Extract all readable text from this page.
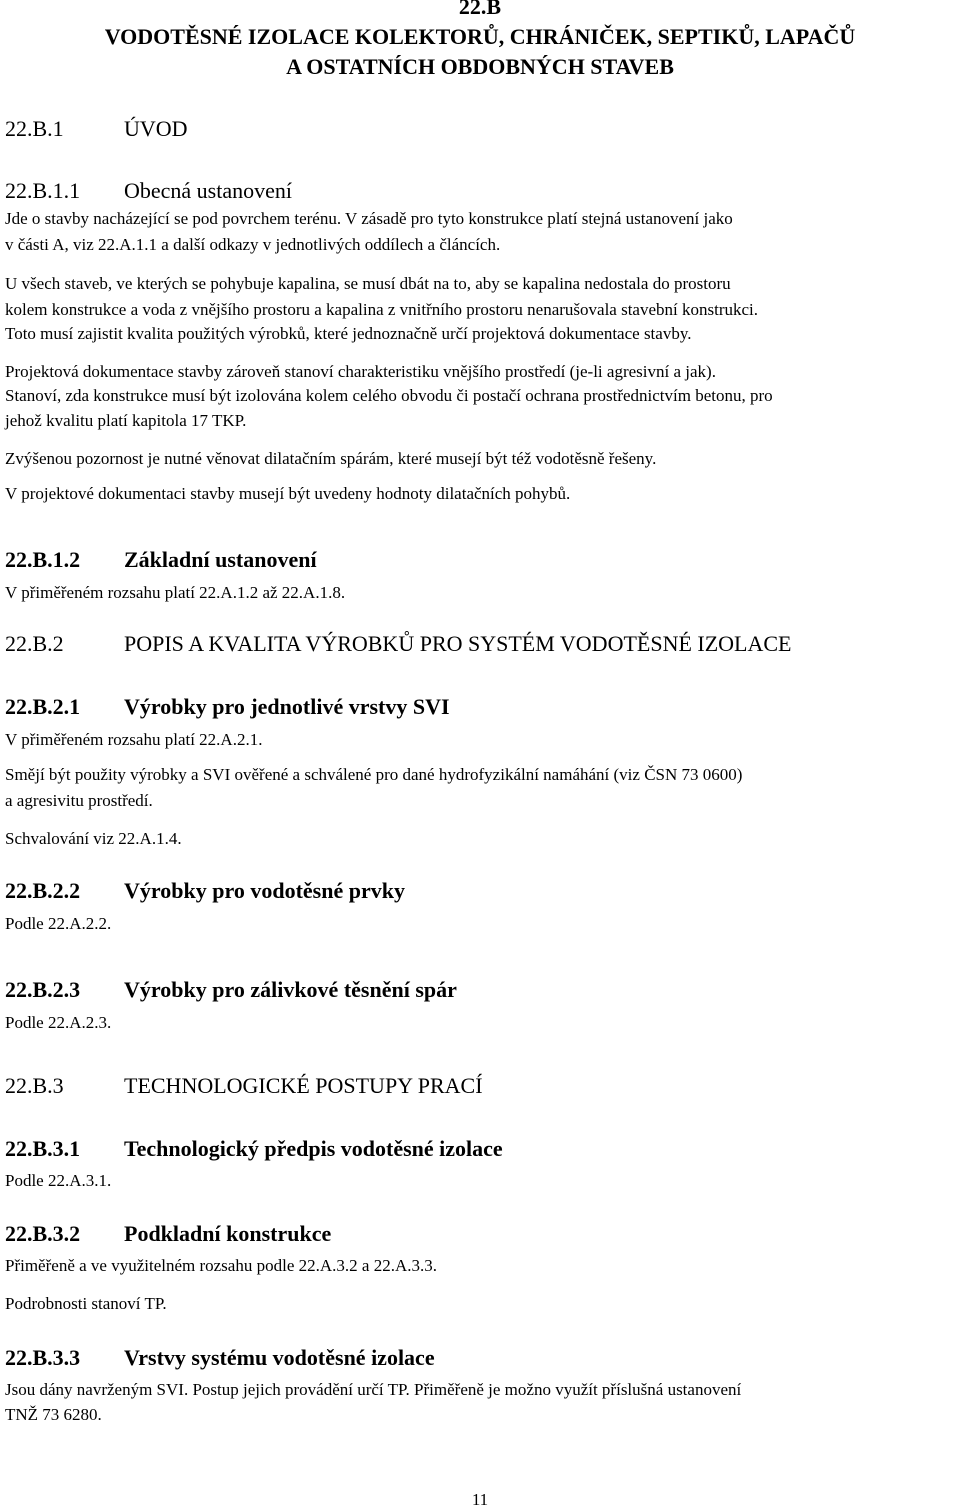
22.B
VODOTĚSNÉ IZOLACE KOLEKTORŮ, CHRÁNIČEK, SEPTIKŮ, LAPAČŮ
A OSTATNÍCH OBDOBNÝCH STAVEB
22.B.1	ÚVOD
22.B.1.1 Obecná ustanovení
Jde o stavby nacházející se pod povrchem terénu. V zásadě pro tyto konstrukce platí stejná ustanovení jako
v části A, viz 22.A.1.1 a další odkazy v jednotlivých oddílech a článcích.
U všech staveb, ve kterých se pohybuje kapalina, se musí dbát na to, aby se kapalina nedostala do prostoru
kolem konstrukce a voda z vnějšího prostoru a kapalina z vnitřního prostoru nenarušovala stavební konstrukci.
Toto musí zajistit kvalita použitých výrobků, které jednoznačně určí projektová dokumentace stavby.
Projektová dokumentace stavby zároveň stanoví charakteristiku vnějšího prostředí (je-li agresivní a jak).
Stanoví, zda konstrukce musí být izolována kolem celého obvodu či postačí ochrana prostřednictvím betonu, pro
jehož kvalitu platí kapitola 17 TKP.
Zvýšenou pozornost je nutné věnovat dilatačním spárám, které musejí být též vodotěsně řešeny.
V projektové dokumentaci stavby musejí být uvedeny hodnoty dilatačních pohybů.
22.B.1.2 Základní ustanovení
V přiměřeném rozsahu platí 22.A.1.2 až 22.A.1.8.
22.B.2	POPIS A KVALITA VÝROBKŮ PRO SYSTÉM VODOTĚSNÉ IZOLACE
22.B.2.1 Výrobky pro jednotlivé vrstvy SVI
V přiměřeném rozsahu platí 22.A.2.1.
Smějí být použity výrobky a SVI ověřené a schválené pro dané hydrofyzikální namáhání (viz ČSN 73 0600)
a agresivitu prostředí.
Schvalování viz 22.A.1.4.
22.B.2.2 Výrobky pro vodotěsné prvky
Podle 22.A.2.2.
22.B.2.3 Výrobky pro zálivkové těsnění spár
Podle 22.A.2.3.
22.B.3	TECHNOLOGICKÉ POSTUPY PRACÍ
22.B.3.1 Technologický předpis vodotěsné izolace
Podle 22.A.3.1.
22.B.3.2 Podkladní konstrukce
Přiměřeně a ve využitelném rozsahu podle 22.A.3.2 a 22.A.3.3.
Podrobnosti stanoví TP.
22.B.3.3 Vrstvy systému vodotěsné izolace
Jsou dány navrženým SVI. Postup jejich provádění určí TP. Přiměřeně je možno využít příslušná ustanovení
TNŽ 73 6280.
11
